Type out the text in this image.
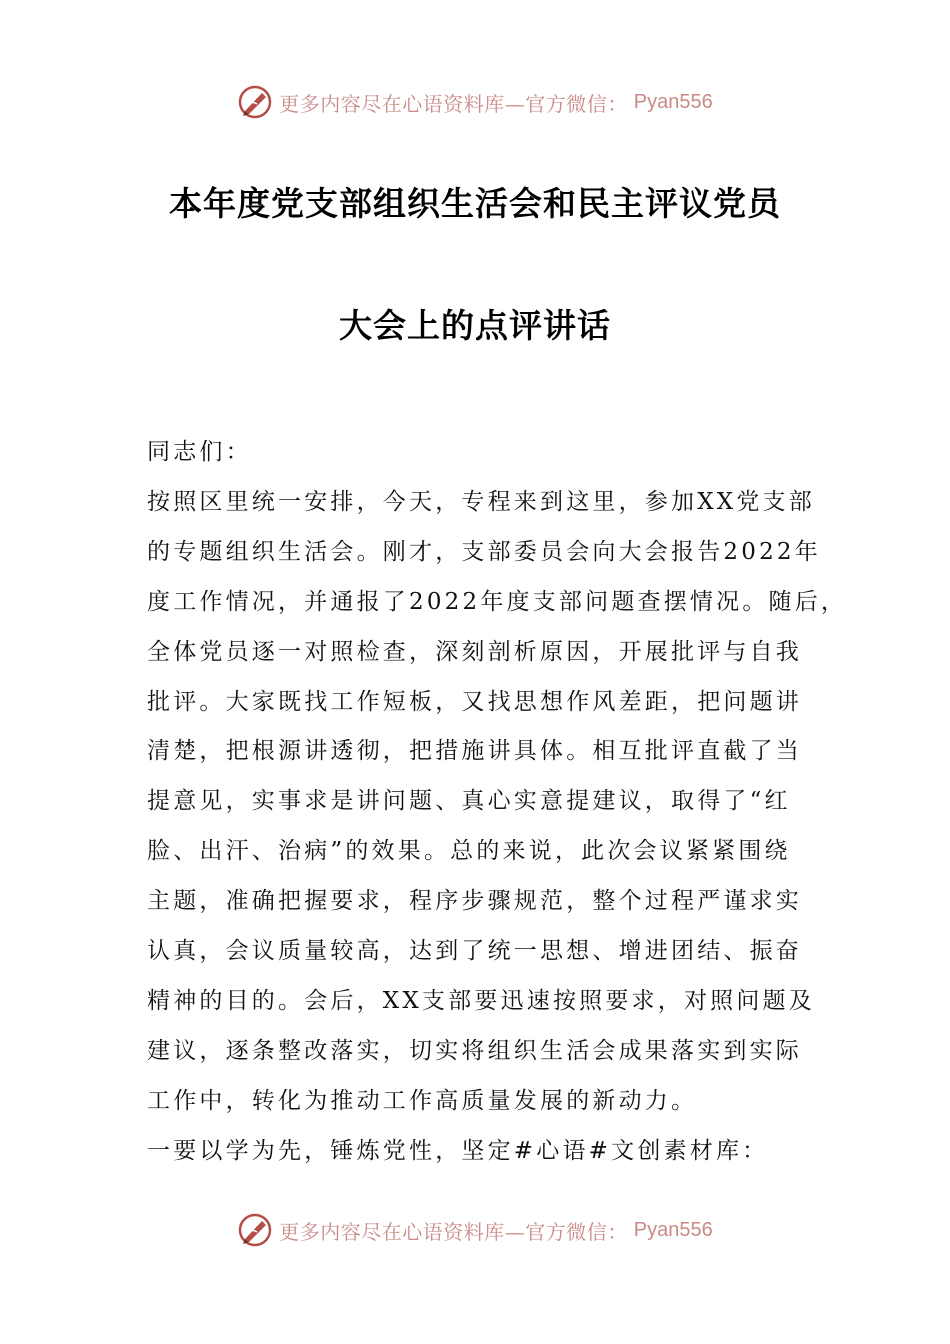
更多内容尽在心语资料库—官方微信： Pyan556
本年度党支部组织生活会和民主评议党员
大会上的点评讲话

同志们：

按照区里统一安排，今天，专程来到这里，参加XX党支部

的专题组织生活会。刚才，支部委员会向大会报告2022年

度工作情况，并通报了2022年度支部问题查摆情况。随后，

全体党员逐一对照检查，深刻剖析原因，开展批评与自我

批评。大家既找工作短板，又找思想作风差距，把问题讲

清楚，把根源讲透彻，把措施讲具体。相互批评直截了当

提意见，实事求是讲问题、真心实意提建议，取得了“红

脸、出汗、治病”的效果。总的来说，此次会议紧紧围绕

主题，准确把握要求，程序步骤规范，整个过程严谨求实

认真，会议质量较高，达到了统一思想、增进团结、振奋

精神的目的。会后，XX支部要迅速按照要求，对照问题及

建议，逐条整改落实，切实将组织生活会成果落实到实际

工作中，转化为推动工作高质量发展的新动力。

一要以学为先，锤炼党性，坚定#心语#文创素材库：

更多内容尽在心语资料库—官方微信： Pyan556
